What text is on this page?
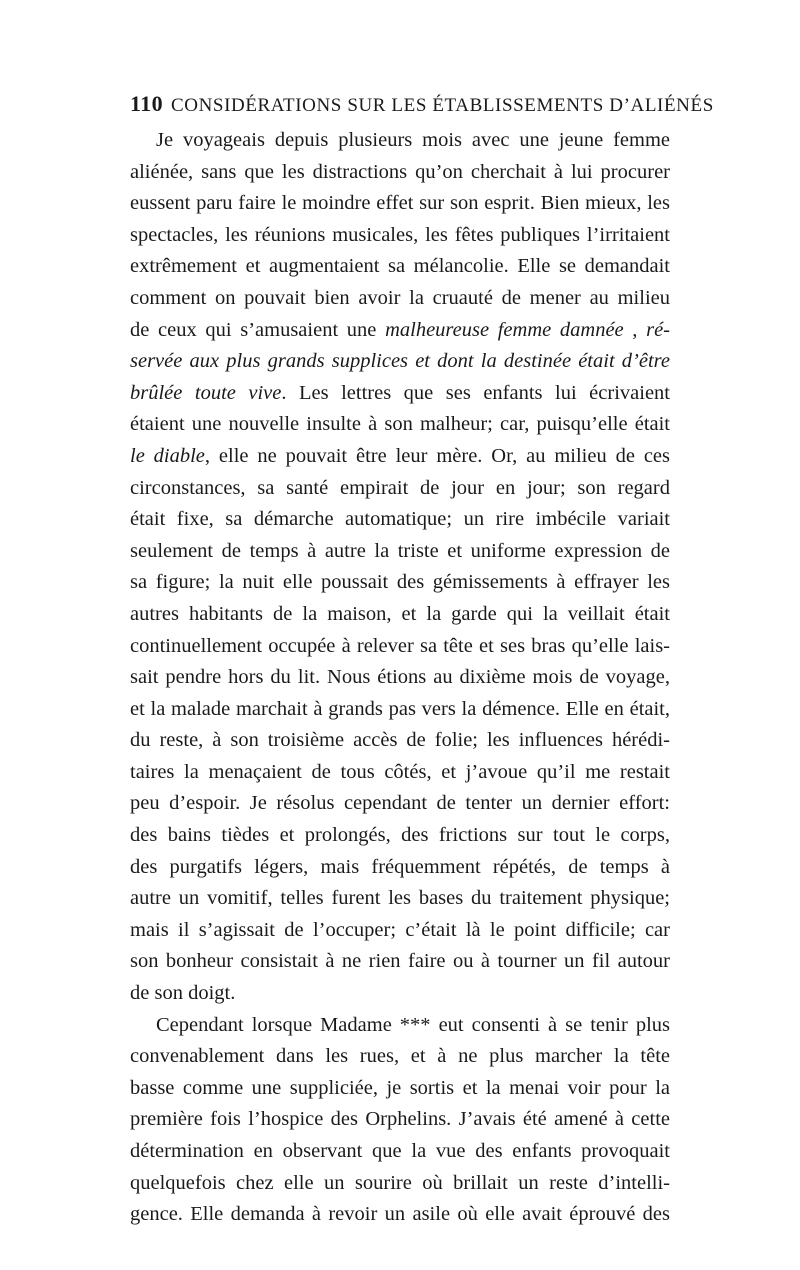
110 CONSIDÉRATIONS SUR LES ÉTABLISSEMENTS D’ALIÉNÉS
Je voyageais depuis plusieurs mois avec une jeune femme
aliénée, sans que les distractions qu’on cherchait à lui procurer
eussent paru faire le moindre effet sur son esprit. Bien mieux, les
spectacles, les réunions musicales, les fêtes publiques l’irritaient
extrêmement et augmentaient sa mélancolie. Elle se demandait
comment on pouvait bien avoir la cruauté de mener au milieu
de ceux qui s’amusaient une malheureuse femme damnée , ré-
servée aux plus grands supplices et dont la destinée était d’être
brûlée toute vive. Les lettres que ses enfants lui écrivaient
étaient une nouvelle insulte à son malheur; car, puisqu’elle était
le diable, elle ne pouvait être leur mère. Or, au milieu de ces
circonstances, sa santé empirait de jour en jour; son regard
était fixe, sa démarche automatique; un rire imbécile variait
seulement de temps à autre la triste et uniforme expression de
sa figure; la nuit elle poussait des gémissements à effrayer les
autres habitants de la maison, et la garde qui la veillait était
continuellement occupée à relever sa tête et ses bras qu’elle lais-
sait pendre hors du lit. Nous étions au dixième mois de voyage,
et la malade marchait à grands pas vers la démence. Elle en était,
du reste, à son troisième accès de folie; les influences hérédi-
taires la menaçaient de tous côtés, et j’avoue qu’il me restait
peu d’espoir. Je résolus cependant de tenter un dernier effort:
des bains tièdes et prolongés, des frictions sur tout le corps,
des purgatifs légers, mais fréquemment répétés, de temps à
autre un vomitif, telles furent les bases du traitement physique;
mais il s’agissait de l’occuper; c’était là le point difficile; car
son bonheur consistait à ne rien faire ou à tourner un fil autour
de son doigt.
Cependant lorsque Madame *** eut consenti à se tenir plus
convenablement dans les rues, et à ne plus marcher la tête
basse comme une suppliciée, je sortis et la menai voir pour la
première fois l’hospice des Orphelins. J’avais été amené à cette
détermination en observant que la vue des enfants provoquait
quelquefois chez elle un sourire où brillait un reste d’intelli-
gence. Elle demanda à revoir un asile où elle avait éprouvé des
